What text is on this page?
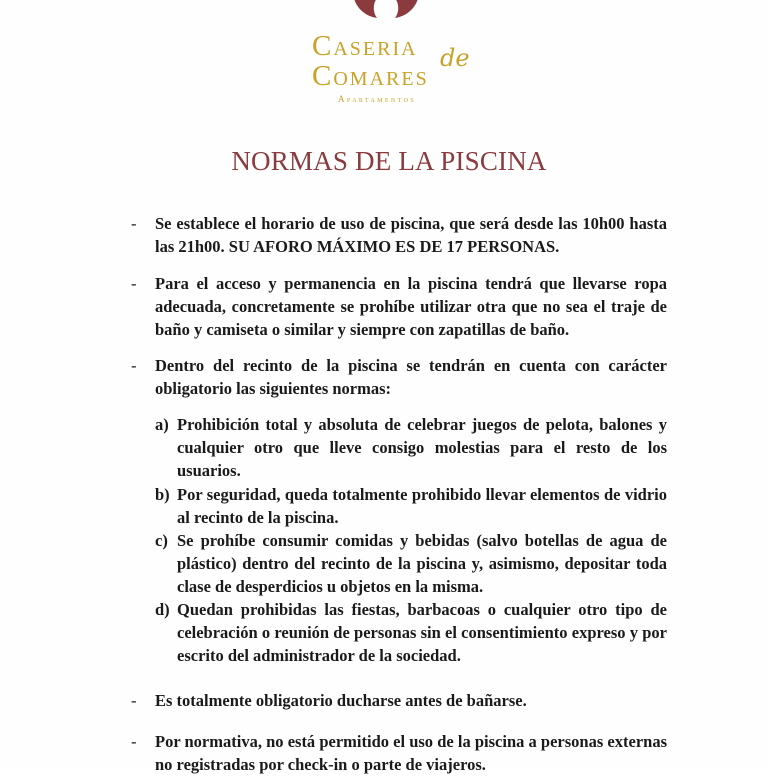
Caseria de
Comares
Apartamentos
NORMAS DE LA PISCINA
- Se establece el horario de uso de piscina, que será desde las 10h00 hasta las 21h00. SU AFORO MÁXIMO ES DE 17 PERSONAS.
- Para el acceso y permanencia en la piscina tendrá que llevarse ropa adecuada, concretamente se prohíbe utilizar otra que no sea el traje de baño y camiseta o similar y siempre con zapatillas de baño.
- Dentro del recinto de la piscina se tendrán en cuenta con carácter obligatorio las siguientes normas:
a) Prohibición total y absoluta de celebrar juegos de pelota, balones y cualquier otro que lleve consigo molestias para el resto de los usuarios.
b) Por seguridad, queda totalmente prohibido llevar elementos de vidrio al recinto de la piscina.
c) Se prohíbe consumir comidas y bebidas (salvo botellas de agua de plástico) dentro del recinto de la piscina y, asimismo, depositar toda clase de desperdicios u objetos en la misma.
d) Quedan prohibidas las fiestas, barbacoas o cualquier otro tipo de celebración o reunión de personas sin el consentimiento expreso y por escrito del administrador de la sociedad.
- Es totalmente obligatorio ducharse antes de bañarse.
- Por normativa, no está permitido el uso de la piscina a personas externas no registradas por check-in o parte de viajeros.
